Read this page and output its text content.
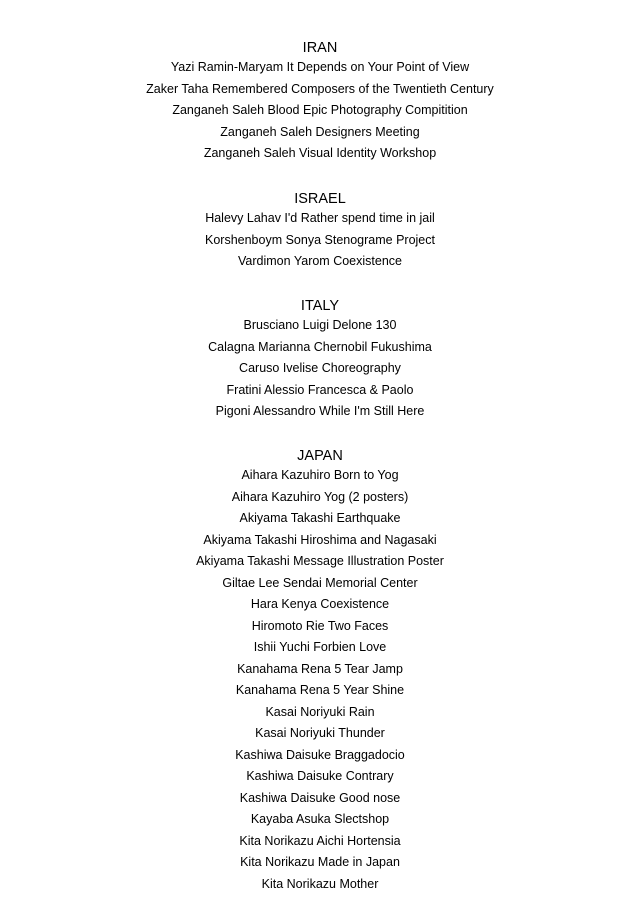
IRAN
Yazi Ramin-Maryam It Depends on Your Point of View
Zaker Taha Remembered Composers of the Twentieth Century
Zanganeh Saleh Blood Epic Photography Compitition
Zanganeh Saleh Designers Meeting
Zanganeh Saleh Visual Identity Workshop
ISRAEL
Halevy Lahav I'd Rather spend time in jail
Korshenboym Sonya Stenograme Project
Vardimon Yarom Coexistence
ITALY
Brusciano Luigi Delone 130
Calagna Marianna Chernobil Fukushima
Caruso Ivelise Choreography
Fratini Alessio Francesca & Paolo
Pigoni Alessandro While I'm Still Here
JAPAN
Aihara Kazuhiro Born to Yog
Aihara Kazuhiro Yog (2 posters)
Akiyama Takashi Earthquake
Akiyama Takashi Hiroshima and Nagasaki
Akiyama Takashi Message Illustration Poster
Giltae Lee Sendai Memorial Center
Hara Kenya Coexistence
Hiromoto Rie Two Faces
Ishii Yuchi Forbien Love
Kanahama Rena 5 Tear Jamp
Kanahama Rena 5 Year Shine
Kasai Noriyuki Rain
Kasai Noriyuki Thunder
Kashiwa Daisuke Braggadocio
Kashiwa Daisuke Contrary
Kashiwa Daisuke Good nose
Kayaba Asuka Slectshop
Kita Norikazu Aichi Hortensia
Kita Norikazu Made in Japan
Kita Norikazu Mother
